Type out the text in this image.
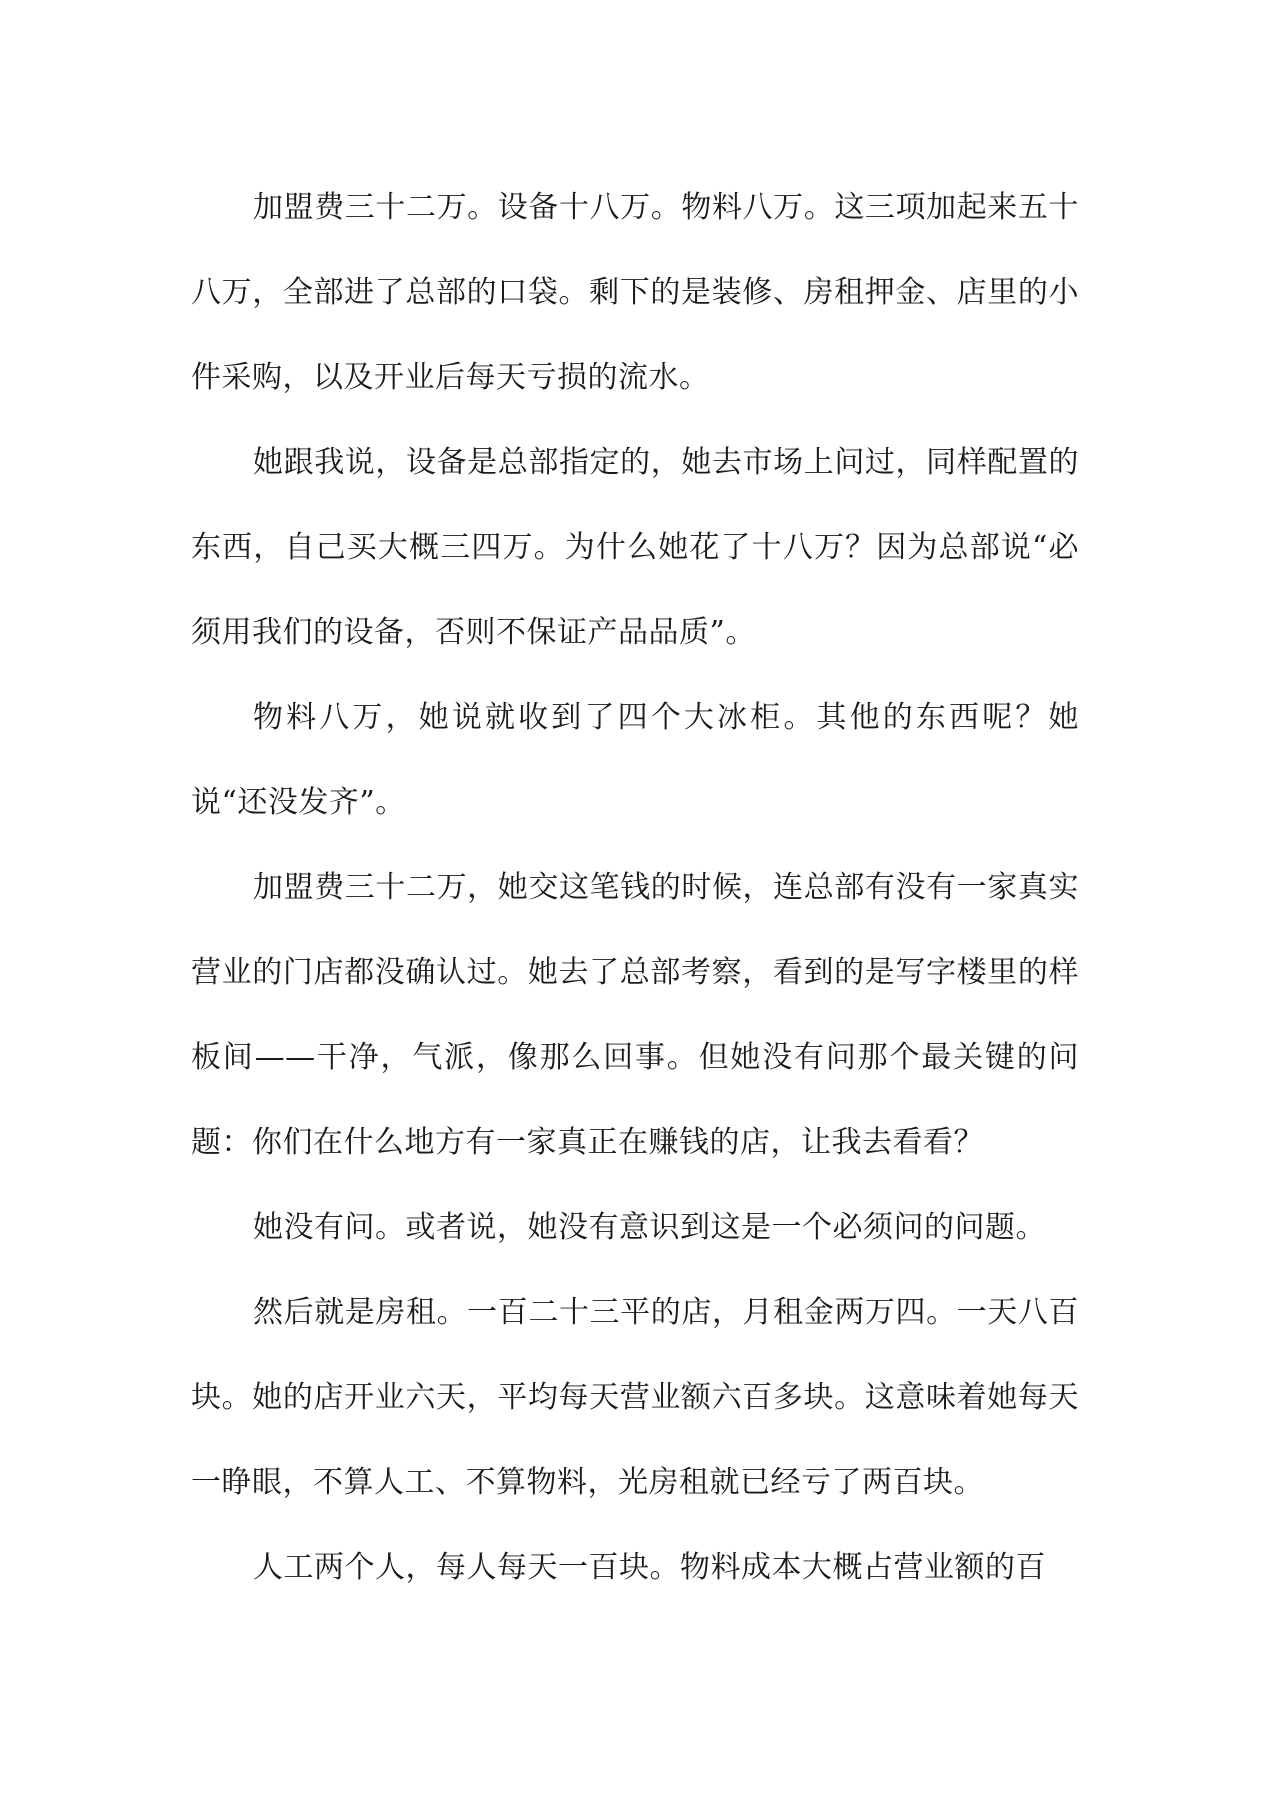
加盟费三十二万。设备十八万。物料八万。这三项加起来五十八万，全部进了总部的口袋。剩下的是装修、房租押金、店里的小件采购，以及开业后每天亏损的流水。

她跟我说，设备是总部指定的，她去市场上问过，同样配置的东西，自己买大概三四万。为什么她花了十八万？因为总部说“必须用我们的设备，否则不保证产品品质”。

物料八万，她说就收到了四个大冰柜。其他的东西呢？她说“还没发齐”。

加盟费三十二万，她交这笔钱的时候，连总部有没有一家真实营业的门店都没确认过。她去了总部考察，看到的是写字楼里的样板间——干净，气派，像那么回事。但她没有问那个最关键的问题：你们在什么地方有一家真正在赚钱的店，让我去看看？

她没有问。或者说，她没有意识到这是一个必须问的问题。

然后就是房租。一百二十三平的店，月租金两万四。一天八百块。她的店开业六天，平均每天营业额六百多块。这意味着她每天一睁眼，不算人工、不算物料，光房租就已经亏了两百块。

人工两个人，每人每天一百块。物料成本大概占营业额的百
